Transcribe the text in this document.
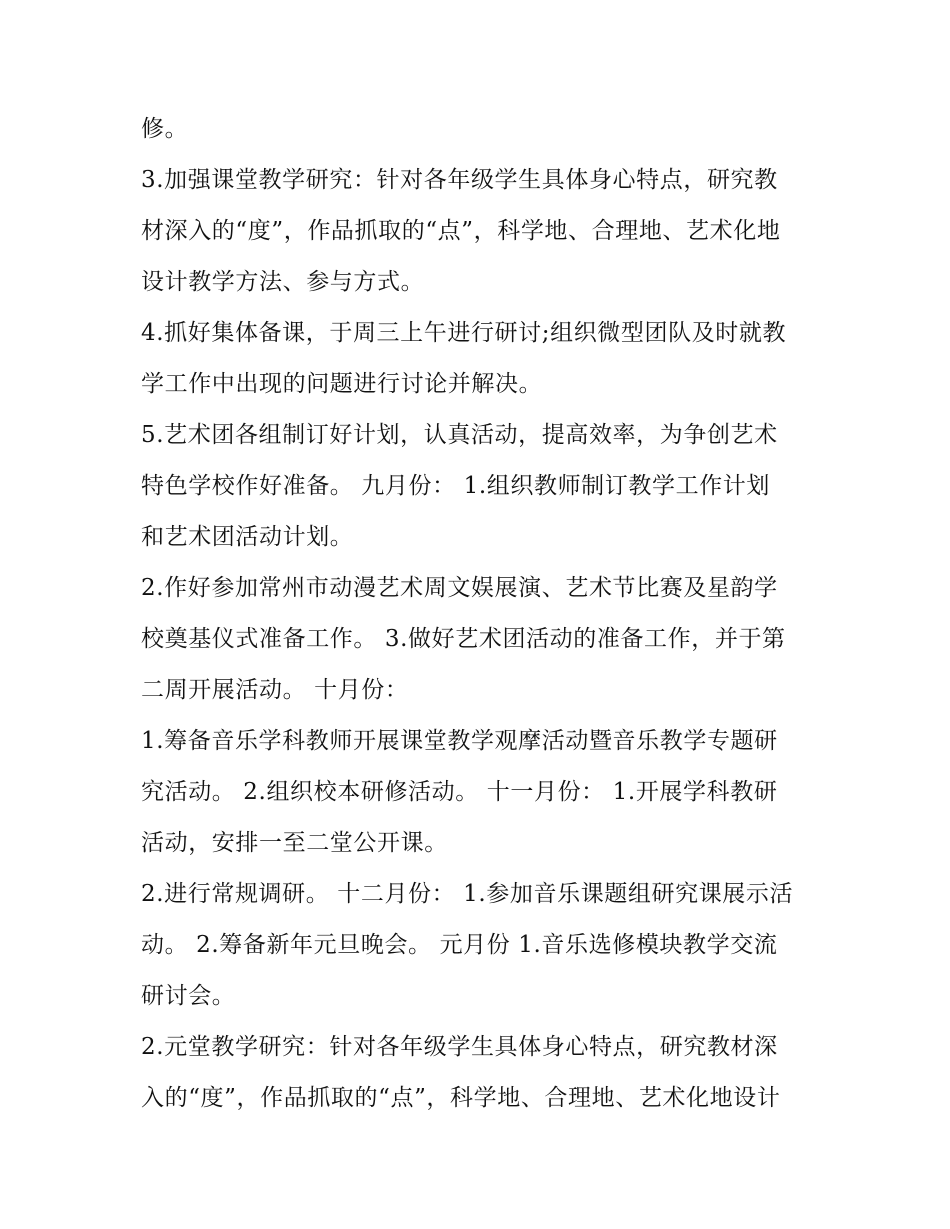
修。
3.加强课堂教学研究：针对各年级学生具体身心特点，研究教
材深入的“度”，作品抓取的“点”，科学地、合理地、艺术化地
设计教学方法、参与方式。
4.抓好集体备课，于周三上午进行研讨;组织微型团队及时就教
学工作中出现的问题进行讨论并解决。
5.艺术团各组制订好计划，认真活动，提高效率，为争创艺术
特色学校作好准备。 九月份： 1.组织教师制订教学工作计划
和艺术团活动计划。
2.作好参加常州市动漫艺术周文娱展演、艺术节比赛及星韵学
校奠基仪式准备工作。 3.做好艺术团活动的准备工作，并于第
二周开展活动。 十月份：
1.筹备音乐学科教师开展课堂教学观摩活动暨音乐教学专题研
究活动。 2.组织校本研修活动。 十一月份： 1.开展学科教研
活动，安排一至二堂公开课。
2.进行常规调研。 十二月份： 1.参加音乐课题组研究课展示活
动。 2.筹备新年元旦晚会。 元月份 1.音乐选修模块教学交流
研讨会。
2.元堂教学研究：针对各年级学生具体身心特点，研究教材深
入的“度”，作品抓取的“点”，科学地、合理地、艺术化地设计
